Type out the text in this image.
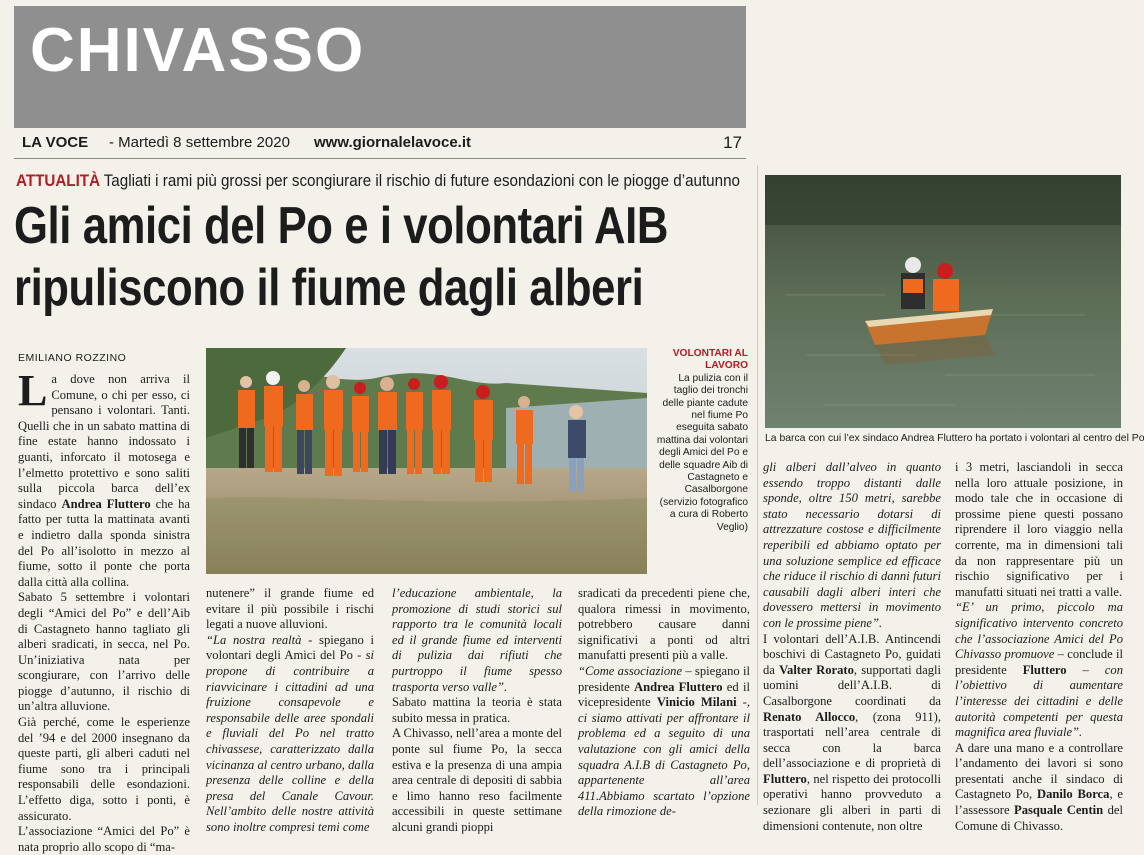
CHIVASSO
LA VOCE - Martedì 8 settembre 2020 www.giornalelavoce.it	17
ATTUALITÀ Tagliati i rami più grossi per scongiurare il rischio di future esondazioni con le piogge d’autunno
Gli amici del Po e i volontari AIB
ripuliscono il fiume dagli alberi
EMILIANO ROZZINO

La dove non arriva il Comune, o chi per esso, ci pensano i volontari. Tanti. Quelli che in un sabato mattina di fine estate hanno indossato i guanti, inforcato il motosega e l’elmetto protettivo e sono saliti sulla piccola barca dell’ex sindaco Andrea Fluttero che ha fatto per tutta la mattinata avanti e indietro dalla sponda sinistra del Po all’isolotto in mezzo al fiume, sotto il ponte che porta dalla città alla collina.

Sabato 5 settembre i volontari degli “Amici del Po” e dell’Aib di Castagneto hanno tagliato gli alberi sradicati, in secca, nel Po. Un’iniziativa nata per scongiurare, con l’arrivo delle piogge d’autunno, il rischio di un’altra alluvione.

Già perché, come le esperienze del ’94 e del 2000 insegnano da queste parti, gli alberi caduti nel fiume sono tra i principali responsabili delle esondazioni. L’effetto diga, sotto i ponti, è assicurato.

L’associazione “Amici del Po” è nata proprio allo scopo di “ma-

VOLONTARI AL LAVORO
La pulizia con il taglio dei tronchi delle piante cadute nel fiume Po eseguita sabato mattina dai volontari degli Amici del Po e delle squadre Aib di Castagneto e Casalborgone (servizio fotografico a cura di Roberto Veglio)

nutenere” il grande fiume ed evitare il più possibile i rischi legati a nuove alluvioni.

“La nostra realtà - spiegano i volontari degli Amici del Po - si propone di contribuire a riavvicinare i cittadini ad una fruizione consapevole e responsabile delle aree spondali e fluviali del Po nel tratto chivassese, caratterizzato dalla vicinanza al centro urbano, dalla presenza delle colline e della presa del Canale Cavour. Nell’ambito delle nostre attività sono inoltre compresi temi come

l’educazione ambientale, la promozione di studi storici sul rapporto tra le comunità locali ed il grande fiume ed interventi di pulizia dai rifiuti che purtroppo il fiume spesso trasporta verso valle”.

Sabato mattina la teoria è stata subito messa in pratica.

A Chivasso, nell’area a monte del ponte sul fiume Po, la secca estiva e la presenza di una ampia area centrale di depositi di sabbia e limo hanno reso facilmente accessibili in queste settimane alcuni grandi pioppi

sradicati da precedenti piene che, qualora rimessi in movimento, potrebbero causare danni significativi a ponti od altri manufatti presenti più a valle.

“Come associazione – spiegano il presidente Andrea Fluttero ed il vicepresidente Vinicio Milani -, ci siamo attivati per affrontare il problema ed a seguito di una valutazione con gli amici della squadra A.I.B di Castagneto Po, appartenente all’area 411.Abbiamo scartato l’opzione della rimozione de-

La barca con cui l’ex sindaco Andrea Fluttero ha portato i volontari al centro del Po

gli alberi dall’alveo in quanto essendo troppo distanti dalle sponde, oltre 150 metri, sarebbe stato necessario dotarsi di attrezzature costose e difficilmente reperibili ed abbiamo optato per una soluzione semplice ed efficace che riduce il rischio di danni futuri causabili dagli alberi interi che dovessero mettersi in movimento con le prossime piene”.

I volontari dell’A.I.B. Antincendi boschivi di Castagneto Po, guidati da Valter Rorato, supportati dagli uomini dell’A.I.B. di Casalborgone coordinati da Renato Allocco, (zona 911), trasportati nell’area centrale di secca con la barca dell’associazione e di proprietà di Fluttero, nel rispetto dei protocolli operativi hanno provveduto a sezionare gli alberi in parti di dimensioni contenute, non oltre

i 3 metri, lasciandoli in secca nella loro attuale posizione, in modo tale che in occasione di prossime piene questi possano riprendere il loro viaggio nella corrente, ma in dimensioni tali da non rappresentare più un rischio significativo per i manufatti situati nei tratti a valle.

“E’ un primo, piccolo ma significativo intervento concreto che l’associazione Amici del Po Chivasso promuove – conclude il presidente Fluttero – con l’obiettivo di aumentare l’interesse dei cittadini e delle autorità competenti per questa magnifica area fluviale”.

A dare una mano e a controllare l’andamento dei lavori si sono presentati anche il sindaco di Castagneto Po, Danilo Borca, e l’assessore Pasquale Centin del Comune di Chivasso.
